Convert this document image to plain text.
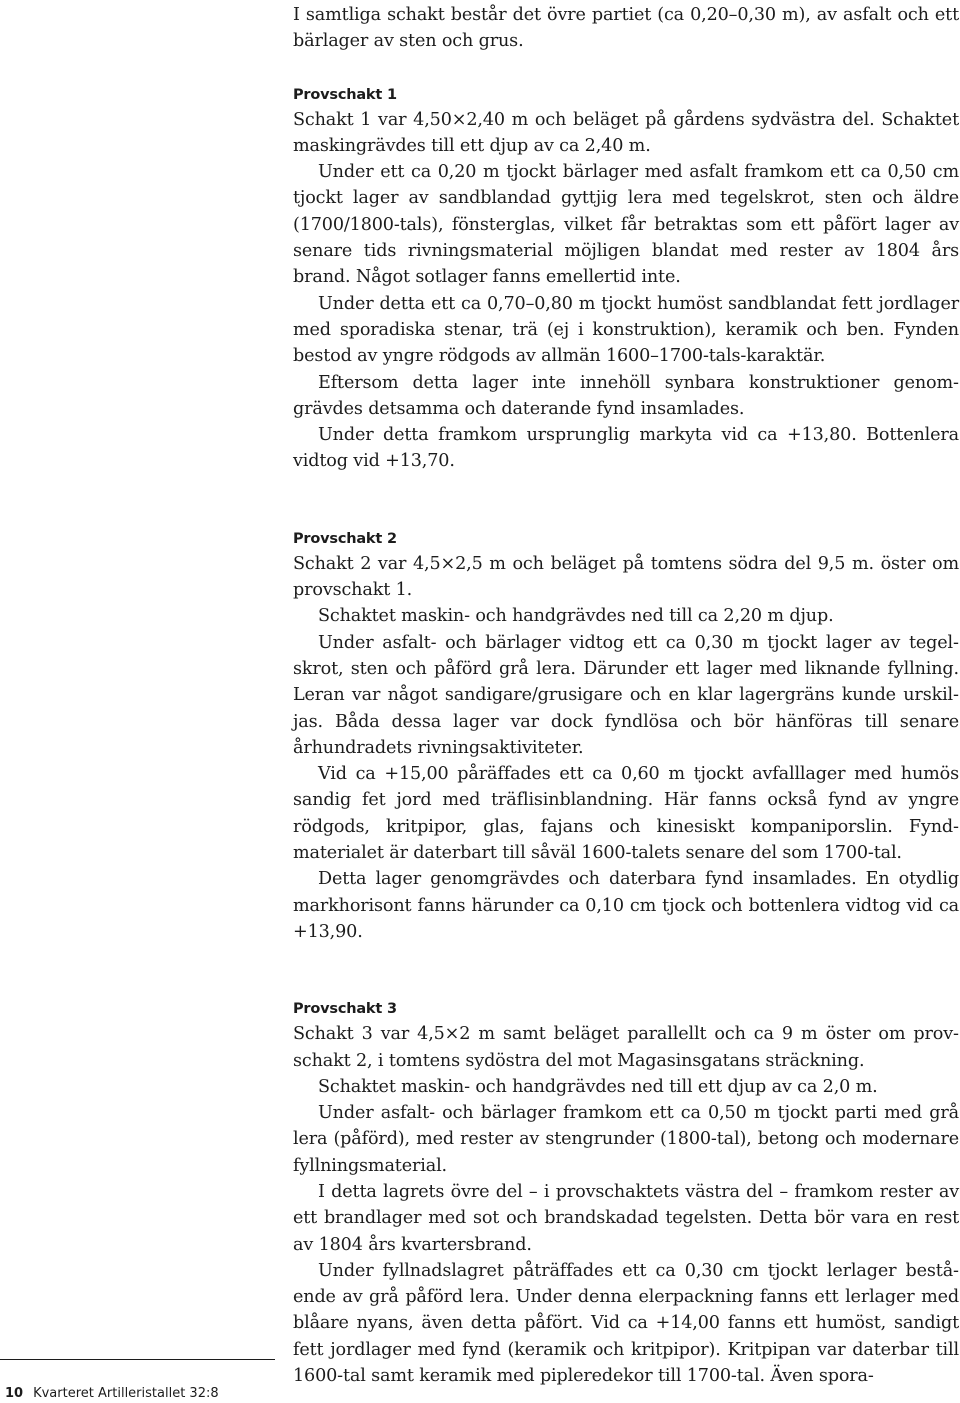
I samtliga schakt består det övre partiet (ca 0,20–0,30 m), av asfalt och ett bärlager av sten och grus.

Provschakt 1

Schakt 1 var 4,50×2,40 m och beläget på gårdens sydvästra del. Schaktet maskingrävdes till ett djup av ca 2,40 m.

Under ett ca 0,20 m tjockt bärlager med asfalt framkom ett ca 0,50 cm tjockt lager av sandblandad gyttjig lera med tegelskrot, sten och äldre (1700/1800-tals), fönsterglas, vilket får betraktas som ett påfört lager av senare tids rivningsmaterial möjligen blandat med rester av 1804 års brand. Något sotlager fanns emellertid inte.

Under detta ett ca 0,70–0,80 m tjockt humöst sandblandat fett jordlager med sporadiska stenar, trä (ej i konstruktion), keramik och ben. Fynden bestod av yngre rödgods av allmän 1600–1700-tals-karaktär.

Eftersom detta lager inte innehöll synbara konstruktioner genomgrävdes detsamma och daterande fynd insamlades.

Under detta framkom ursprunglig markyta vid ca +13,80. Bottenlera vidtog vid +13,70.

Provschakt 2

Schakt 2 var 4,5×2,5 m och beläget på tomtens södra del 9,5 m. öster om provschakt 1.

Schaktet maskin- och handgrävdes ned till ca 2,20 m djup.

Under asfalt- och bärlager vidtog ett ca 0,30 m tjockt lager av tegelskrot, sten och påförd grå lera. Därunder ett lager med liknande fyllning. Leran var något sandigare/grusigare och en klar lagergräns kunde urskiljas. Båda dessa lager var dock fyndlösa och bör hänföras till senare århundradets rivningsaktiviteter.

Vid ca +15,00 påräffades ett ca 0,60 m tjockt avfalllager med humös sandig fet jord med träflisinblandning. Här fanns också fynd av yngre rödgods, kritpipor, glas, fajans och kinesiskt kompaniporslin. Fyndmaterialet är daterbart till såväl 1600-talets senare del som 1700-tal.

Detta lager genomgrävdes och daterbara fynd insamlades. En otydlig markhorisont fanns härunder ca 0,10 cm tjock och bottenlera vidtog vid ca +13,90.

Provschakt 3

Schakt 3 var 4,5×2 m samt beläget parallellt och ca 9 m öster om provschakt 2, i tomtens sydöstra del mot Magasinsgatans sträckning.

Schaktet maskin- och handgrävdes ned till ett djup av ca 2,0 m.

Under asfalt- och bärlager framkom ett ca 0,50 m tjockt parti med grå lera (påförd), med rester av stengrunder (1800-tal), betong och modernare fyllningsmaterial.

I detta lagrets övre del – i provschaktets västra del – framkom rester av ett brandlager med sot och brandskadad tegelsten. Detta bör vara en rest av 1804 års kvartersbrand.

Under fyllnadslagret påträffades ett ca 0,30 cm tjockt lerlager bestående av grå påförd lera. Under denna elerpackning fanns ett lerlager med blåare nyans, även detta påfört. Vid ca +14,00 fanns ett humöst, sandigt fett jordlager med fynd (keramik och kritpipor). Kritpipan var daterbar till 1600-tal samt keramik med pipleredekor till 1700-tal. Även spora-

10 Kvarteret Artilleristallet 32:8
